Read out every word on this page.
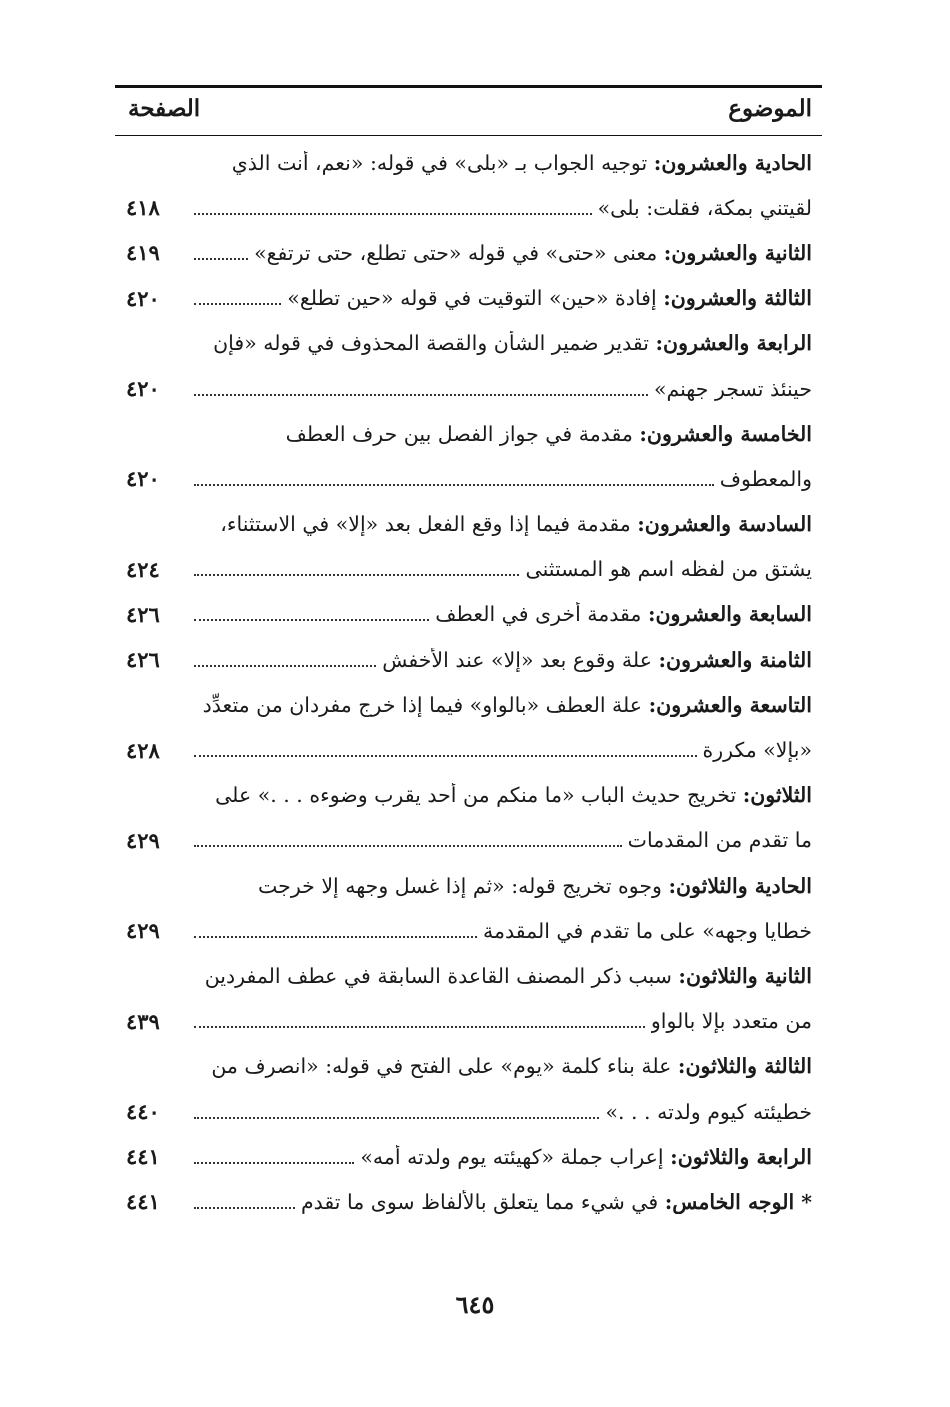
الموضوع
الصفحة
الحادية والعشرون: توجيه الجواب بـ «بلى» في قوله: «نعم، أنت الذي
لقيتني بمكة، فقلت: بلى»
٤١٨
الثانية والعشرون: معنى «حتى» في قوله «حتى تطلع، حتى ترتفع»
٤١٩
الثالثة والعشرون: إفادة «حين» التوقيت في قوله «حين تطلع»
٤٢٠
الرابعة والعشرون: تقدير ضمير الشأن والقصة المحذوف في قوله «فإن
حينئذ تسجر جهنم»
٤٢٠
الخامسة والعشرون: مقدمة في جواز الفصل بين حرف العطف
والمعطوف
٤٢٠
السادسة والعشرون: مقدمة فيما إذا وقع الفعل بعد «إلا» في الاستثناء،
يشتق من لفظه اسم هو المستثنى
٤٢٤
السابعة والعشرون: مقدمة أخرى في العطف
٤٢٦
الثامنة والعشرون: علة وقوع بعد «إلا» عند الأخفش
٤٢٦
التاسعة والعشرون: علة العطف «بالواو» فيما إذا خرج مفردان من متعدِّد
«بإلا» مكررة
٤٢٨
الثلاثون: تخريج حديث الباب «ما منكم من أحد يقرب وضوءه . . .» على
ما تقدم من المقدمات
٤٢٩
الحادية والثلاثون: وجوه تخريج قوله: «ثم إذا غسل وجهه إلا خرجت
خطايا وجهه» على ما تقدم في المقدمة
٤٢٩
الثانية والثلاثون: سبب ذكر المصنف القاعدة السابقة في عطف المفردين
من متعدد بإلا بالواو
٤٣٩
الثالثة والثلاثون: علة بناء كلمة «يوم» على الفتح في قوله: «انصرف من
خطيئته كيوم ولدته . . .»
٤٤٠
الرابعة والثلاثون: إعراب جملة «كهيئته يوم ولدته أمه»
٤٤١
* الوجه الخامس: في شيء مما يتعلق بالألفاظ سوى ما تقدم
٤٤١
٦٤٥
